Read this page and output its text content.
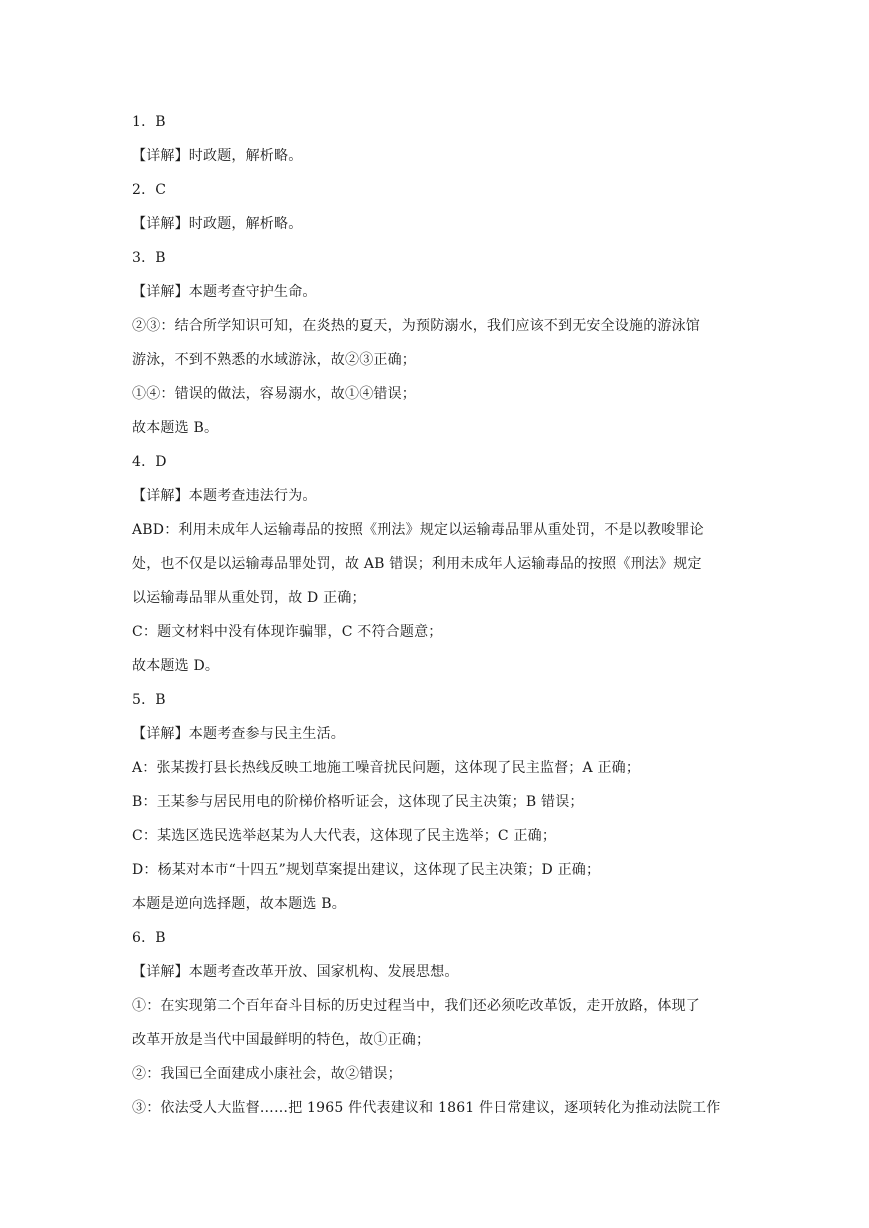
1．B
【详解】时政题，解析略。
2．C
【详解】时政题，解析略。
3．B
【详解】本题考查守护生命。
②③：结合所学知识可知，在炎热的夏天，为预防溺水，我们应该不到无安全设施的游泳馆
游泳，不到不熟悉的水域游泳，故②③正确；
①④：错误的做法，容易溺水，故①④错误；
故本题选 B。
4．D
【详解】本题考查违法行为。
ABD：利用未成年人运输毒品的按照《刑法》规定以运输毒品罪从重处罚，不是以教唆罪论
处，也不仅是以运输毒品罪处罚，故 AB 错误；利用未成年人运输毒品的按照《刑法》规定
以运输毒品罪从重处罚，故 D 正确；
C：题文材料中没有体现诈骗罪，C 不符合题意；
故本题选 D。
5．B
【详解】本题考查参与民主生活。
A：张某拨打县长热线反映工地施工噪音扰民问题，这体现了民主监督；A 正确；
B：王某参与居民用电的阶梯价格听证会，这体现了民主决策；B 错误；
C：某选区选民选举赵某为人大代表，这体现了民主选举；C 正确；
D：杨某对本市“十四五”规划草案提出建议，这体现了民主决策；D 正确；
本题是逆向选择题，故本题选 B。
6．B
【详解】本题考查改革开放、国家机构、发展思想。
①：在实现第二个百年奋斗目标的历史过程当中，我们还必须吃改革饭，走开放路，体现了
改革开放是当代中国最鲜明的特色，故①正确；
②：我国已全面建成小康社会，故②错误；
③：依法受人大监督……把 1965 件代表建议和 1861 件日常建议，逐项转化为推动法院工作
